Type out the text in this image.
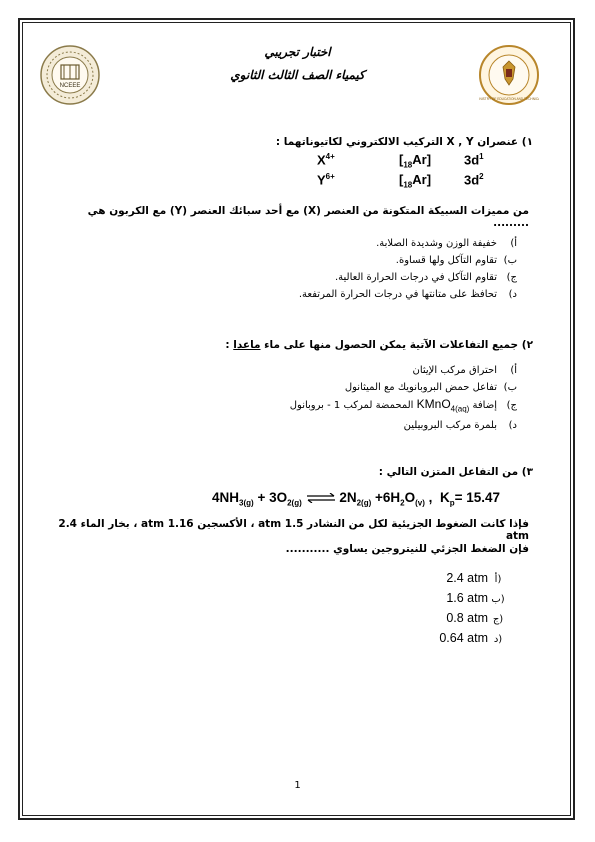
NCEEE
MINISTRY OF EDUCATION AND TECHNICAL
اختبار تجريبي
كيمياء الصف الثالث الثانوي
١) عنصران X , Y التركيب الالكتروني لكاتيوناتهما :
$X^{4+}$	$[_{18}Ar]$	$3d^1$
$Y^{6+}$	$[_{18}Ar]$	$3d^2$
من مميزات السبيكة المتكونة من العنصر (X) مع أحد سبائك العنصر (Y) مع الكربون هي .........
أ)خفيفة الوزن وشديدة الصلابة.
ب)تقاوم التآكل ولها قساوة.
ج)تقاوم التآكل في درجات الحرارة العالية.
د)تحافظ على متانتها في درجات الحرارة المرتفعة.
٢) جميع التفاعلات الآتية يمكن الحصول منها على ماء ماعدا :
أ)احتراق مركب الإيثان
ب)تفاعل حمض البروبانويك مع الميثانول
ج)إضافة KMnO$_{4(aq)}$ المحمضة لمركب 1 - بروبانول
د)بلمرة مركب البروبيلين
٣) من التفاعل المتزن التالي :
$4NH_{3(g)} + 3O_{2(g)}$ ⇌ $2N_{2(g)} +6H_2O_{(v)}$ ,  $K_p= 15.47$
فإذا كانت الضغوط الجزيئية لكل من النشادر 1.5 atm ، الأكسجين 1.16 atm ، بخار الماء 2.4 atm
فإن الضغط الجزئي للنيتروجين يساوي ...........
2.4 atm أ)
1.6 atm ب)
0.8 atm ج)
0.64 atm د)
1
